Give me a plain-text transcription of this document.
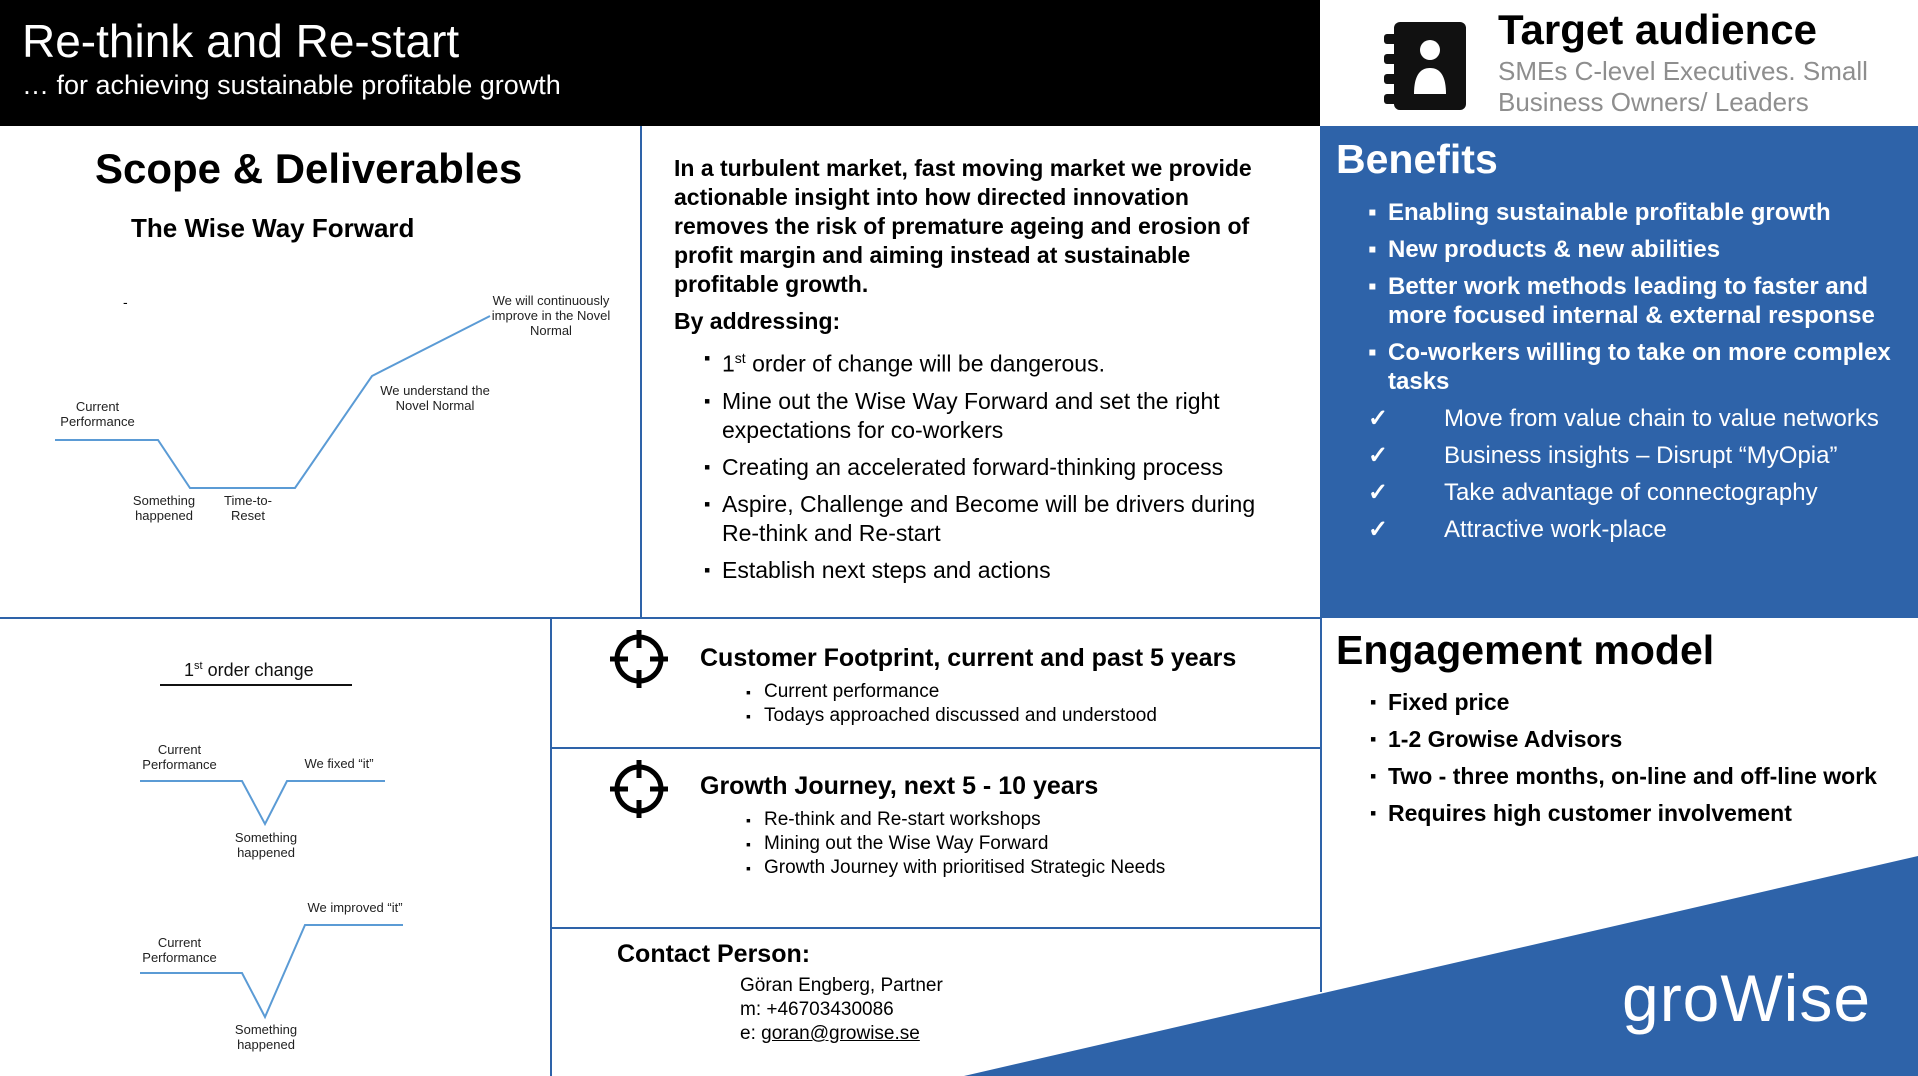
Re-think and Re-start
… for achieving sustainable profitable growth
Target audience
SMEs C-level Executives. Small Business Owners/ Leaders
Benefits
▪ Enabling sustainable profitable growth
▪ New products & new abilities
▪ Better work methods leading to faster and more focused internal & external response
▪ Co-workers willing to take on more complex tasks
✓ Move from value chain to value networks
✓ Business insights – Disrupt “MyOpia”
✓ Take advantage of connectography
✓ Attractive work-place
Scope & Deliverables
The Wise Way Forward
-
Current Performance
Something happened
Time-to-Reset
We understand the Novel Normal
We will continuously improve in the Novel Normal
In a turbulent market, fast moving market we provide actionable insight into how directed innovation removes the risk of premature ageing and erosion of profit margin and aiming instead at sustainable profitable growth.
By addressing:
▪ 1st order of change will be dangerous.
▪ Mine out the Wise Way Forward and set the right expectations for co-workers
▪ Creating an accelerated forward-thinking process
▪ Aspire, Challenge and Become will be drivers during Re-think and Re-start
▪ Establish next steps and actions
1st order change
Current Performance	We fixed “it”
Something happened
Current Performance
We improved “it”
Something happened
Customer Footprint, current and past 5 years
▪ Current performance
▪ Todays approached discussed and understood
Growth Journey, next 5 - 10 years
▪ Re-think and Re-start workshops
▪ Mining out the Wise Way Forward
▪ Growth Journey with prioritised Strategic Needs
Contact Person:
Göran Engberg, Partner
m: +46703430086
e: goran@growise.se
Engagement model
▪ Fixed price
▪ 1-2 Growise Advisors
▪ Two - three months, on-line and off-line work
▪ Requires high customer involvement
groWise
